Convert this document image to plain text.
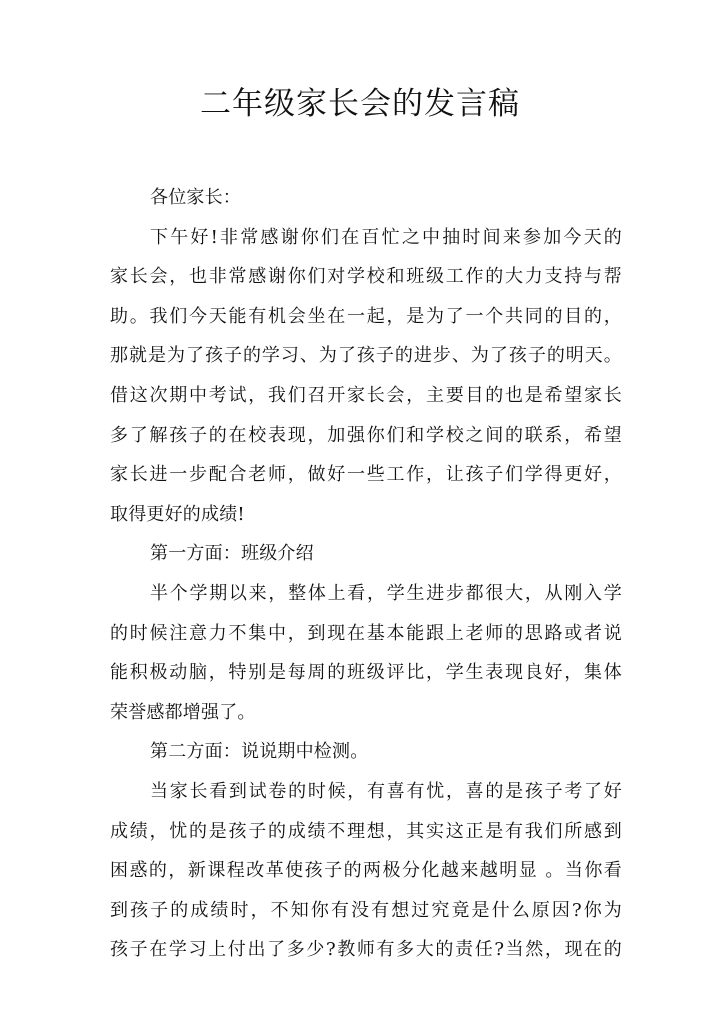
二年级家长会的发言稿
各位家长：
下午好!非常感谢你们在百忙之中抽时间来参加今天的
家长会，也非常感谢你们对学校和班级工作的大力支持与帮
助。我们今天能有机会坐在一起，是为了一个共同的目的，
那就是为了孩子的学习、为了孩子的进步、为了孩子的明天。
借这次期中考试，我们召开家长会，主要目的也是希望家长
多了解孩子的在校表现，加强你们和学校之间的联系，希望
家长进一步配合老师，做好一些工作，让孩子们学得更好，
取得更好的成绩!
第一方面：班级介绍
半个学期以来，整体上看，学生进步都很大，从刚入学
的时候注意力不集中，到现在基本能跟上老师的思路或者说
能积极动脑，特别是每周的班级评比，学生表现良好，集体
荣誉感都增强了。
第二方面：说说期中检测。
当家长看到试卷的时候，有喜有忧，喜的是孩子考了好
成绩，忧的是孩子的成绩不理想，其实这正是有我们所感到
困惑的，新课程改革使孩子的两极分化越来越明显 。当你看
到孩子的成绩时，不知你有没有想过究竟是什么原因?你为
孩子在学习上付出了多少?教师有多大的责任?当然，现在的
